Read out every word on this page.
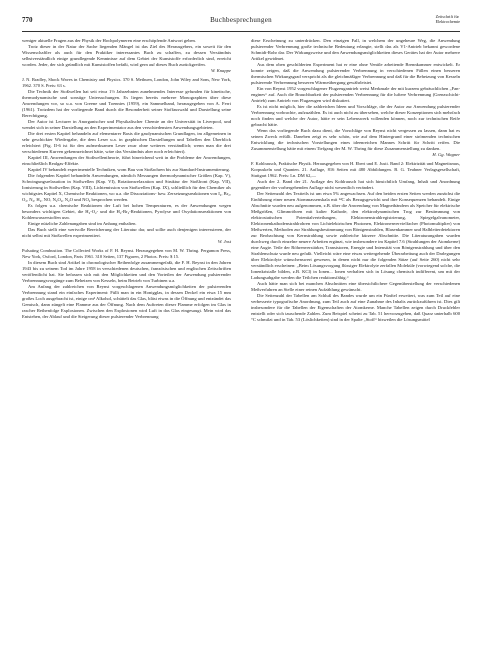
770	Buchbesprechungen	Zeitschrift für
Elektrochemie

weniger aktuelle Fragen aus der Physik der Hochpolymeren eine erschöpfende Antwort geben.

Trotz dieser in der Natur der Sache liegenden Mängel ist das Ziel des Herausgebers, ein soweit für den Wissenschaftler als auch für den Praktiker interessantes Buch zu schaffen, zu dessen Verständnis selbstverständlich einige grundlegende Kenntnisse auf dem Gebiet der Kunststoffe erforderlich sind, erreicht worden. Jeder, der sich gründlich mit Kunststoffen befaßt, wird gern auf dieses Buch zurückgreifen.

W. Knappe

J. N. Bradley, Shock Waves in Chemistry and Physics. 370 S. Methuen, London, John Wiley and Sons, New York, 1962. 370 S. Preis: 63 s.

Die Technik der Stoßwellen hat seit etwa 1½ Jahrzehnten zunehmendes Interesse gefunden für kinetische, thermodynamische und sonstige Untersuchungen. Es liegen bereits mehrere Monographien über diese Anwendungen vor, so u.a. von Greene und Toennies (1959), ein Sammelband, herausgegeben von A. Ferri (1961). Trotzdem hat der vorliegende Band durch die Besonderheit seiner Stoffauswahl und Darstellung seine Berechtigung.

Der Autor ist Lecturer in Anorganischer und Physikalischer Chemie an der Universität in Liverpool, und wendet sich in seiner Darstellung an den Experimentator aus den verschiedensten Anwendungsgebieten.

Die drei ersten Kapitel behandeln auf elementarer Basis die gasdynamischen Grundlagen, im allgemeinen in sehr geschickter Wiedergabe, die dem Leser u.a. in graphischen Darstellungen und Tabellen den Überblick erleichtert (Fig. II-6 ist für den aufmerksamen Leser zwar ohne weiteres verständlich; wenn man die drei verschiedenen Kurven gekennzeichnet hätte, wäre das Verständnis aber noch erleichtert).

Kapitel III, Anwendungen der Stoßwellentheorie, führt hinreichend weit in die Probleme der Anwendungen, einschließlich Realgas-Effekte.

Kapitel IV behandelt experimentelle Techniken, wom Bau von Stoßrohren bis zur Standard-Instrumentierung.

Die folgenden Kapitel behandeln Anwendungen, nämlich Messungen thermodynamischer Größen (Kap. V), Schwingungsrelaxation in Stoßwellen (Kap. VI), Rotationsrelaxation und Struktur der Stoßfront (Kap. VII), Ionisierung in Stoßwellen (Kap. VIII), Lichtemission von Stoßwellen (Kap. IX), schließlich für den Chemiker als wichtigstes Kapitel X, Chemische Reaktionen, wo u.a. die Dissoziations- bzw. Zersetzungsreaktionen von I₂, Br₂, O₂, N₂, H₂, NO, N₂O₄, N₂O und NO₂ besprochen werden.

Es folgen u.a. chemische Reaktionen der Luft bei hohen Temperaturen, es der Anwendungen wegen besonders wichtigen Gebiet, die H₂-O₂- und die H₂-Br₂-Reaktionen, Pyrolyse und Oxydationsreaktionen von Kohlenwasserstoffen usw.

Einige nützliche Zahlenangaben sind im Anhang enthalten.

Das Buch stellt eine wertvolle Bereicherung der Literatur dar, und sollte auch denjenigen interessieren, der nicht selbst mit Stoßwellen experimentiert.

W. Jost

Pulsating Combustion. The Collected Works of F. H. Reynst. Herausgegeben von M. W. Thring. Pergamon Press, New York, Oxford, London, Paris 1961. 310 Seiten, 137 Figuren, 2 Photos. Preis: $ 15.

In diesem Buch sind Artikel in chronologischer Reihenfolge zusammengefaßt, die F. H. Reynst in den Jahren 1943 bis zu seinem Tod im Jahre 1958 in verschiedenen deutschen, französischen und englischen Zeitschriften veröffentlicht hat. Sie befassen sich mit den Möglichkeiten und den Vorteilen der Anwendung pulsierender Verbrennungsvorgänge zum Beheizen von Kesseln, beim Betrieb von Turbinen u.a.

Am Anfang der zahlreichen von Reynst vorgeschlagenen Anwendungsmöglichkeiten der pulsierenden Verbrennung stand ein einfaches Experiment: Füllt man in ein Honigglas, in dessen Deckel ein etwa 15 mm großes Loch ausgebracht ist, einige cm³ Alkohol, schüttelt das Glas, bläst etwas in die Öffnung und entzündet das Gemisch, dann züngelt eine Flamme aus der Öffnung. Nach dem Auftreten dieser Flamme erfolgen im Glas in rascher Reihenfolge Explosionen. Zwischen den Explosionen wird Luft in das Glas eingesaugt. Mein wird das Entstehen, der Ablauf und die Steigerung dieser pulsierender Verbrennung

diese Erscheinung zu unterdrücken. Den einzigen Fall, in welchem der ungeheure Weg, die Anwendung pulsierender Verbrennung große technische Bedeutung erlangte, stellt das als V1-Antrieb bekannt gewordene Schmidt-Rohr dar. Der Wirkungsweise und den Anwendungsmöglichkeiten dieses Gerätes hat der Autor mehrere Artikel gewidmet.

Aus dem oben geschilderten Experiment hat er eine ohne Ventile arbeitende Brennkammer entwickelt. Er konnte zeigen, daß die Anwendung pulsierender Verbrennung in verschiedenen Fällen einen besseren thermischen Wirkungsgrad verspricht als die gleichmäßiger Verbrennung und daß für die Beheizung von Kesseln pulsierende Verbrennung besseren Wärmeübergang gewährleistet.

Ein von Reynst 1952 vorgeschlagener Flugzeugantrieb weist Merkmale der mit kurzem gebräuchlichen „Fan-engines“ auf. Auch die Brauchbarkeit der pulsierenden Verbrennung für die luftere Verbrennung (Grenzschicht-Antrieb) zum Antrieb von Flugzeugen wird diskutiert.

Es ist nicht möglich, hier die zahlreichen Ideen und Vorschläge, die der Autor zur Anwendung pulsierender Verbrennung vorbrachte, aufzuzählen. Es ist auch nicht zu übersehen, welche dieser Konzeptionen sich mehrfach noch finden und welche der Autor, hätte er sein Lebenswerk vollenden können, noch zur technischen Reife gebracht hätte.

Wenn das vorliegende Buch dazu dient, die Vorschläge von Reynst nicht vergessen zu lassen, dann hat es seinen Zweck erfüllt. Daneben zeigt es sehr schön, wie auf dem Hintergrund einer strömenden technischen Entwicklung die technischen Vorstellungen eines ideenreichen Mannes Schritt für Schritt reifen. Die Zusammenstellung hätte mit einem Tiefgang der M. W. Thring für diese Zusammenstellung zu danken.

H. Gg. Wagner

F. Kohlrausch, Praktische Physik. Herausgegeben von H. Ebert und E. Justi. Band 2: Elektrizität und Magnetismus, Korpuskeln und Quanten. 21. Auflage, 816 Seiten mit 480 Abbildungen. B. G. Teubner Verlagsgesellschaft, Stuttgart 1962. Preis: Ln. DM 62,—

Auch der 2. Band der 21. Auflage des Kohlrausch hat sich hinsichtlich Umfang, Inhalt und Anordnung gegenüber der vorhergehenden Auflage nicht wesentlich verändert.

Der Seitenzahl des Textteils ist um etwa 5% angewachsen. Auf den beiden ersten Seiten werden zunächst die Einführung einer neuen Atommassenskala mit ¹²C als Bezugsgewicht und ihre Konsequenzen behandelt. Einige Abschnitte wurden neu aufgenommen, z.B. über die Anwendung von Magnetbändern als Speicher für elektrische Meßgrößen, Glimmröhren mit kalter Kathode, den elektrodynamischen Trog zur Bestimmung von elektrostatischen Potentialverteilungen, Elektronenstrahlregistrierung, Spiegelgalvanometer, Elektronenkathodenstrahlrohren von Lichtelektrischen Photonen, Elektronenvervielfacher (Photomultiplier) von Meßwerten, Methoden zur Strahlungsbestimmung von Röntgenstrahlen, Blasenkammer und Halbleiterdetektoren zur Beobachtung von Kernstrahlung sowie zahlreiche kürzere Abschnitte. Die Literaturangaben wurden durchweg durch einzelne neuere Arbeiten ergänzt, wie insbesondere im Kapitel 7.6 (Strahlungen der Atomkerne) eine Augie. Teile der Röhrenverstärker, Transistoren, Energie und Intensität von Röntgenstrahlung und über den Strahlenschutz wurde neu gefaßt. Vielleicht wäre eine etwas weitergehende Überarbeitung auch der Darlegungen über Elektrolyte wünschenswert gewesen, in denen nicht nur die folgenden Sätze (auf Seite 260) nicht sehr verständlich erscheinen: „Beim Lösungsvorgang flüssiger Elektrolyte zerfallen Moleküle (vorwiegend solche, die Ionenkristalle bilden, z.B. KCl) in Ionen... Ionen verhalten sich in Lösung chemisch indifferent, um mit der Ladungsabgabe werden die Teilchen reaktionsfähig.“

Auch hätte man sich bei manchen Abschnitten eine übersichtlichere Gegenüberstellung der verschiedenen Meßverfahren an Stelle einer reinen Aufzählung gewünscht.

Die Seitenzahl der Tabellen am Schluß des Bandes wurde um ein Fünftel erweitert, was zum Teil auf eine verbesserte typografische Anordnung, zum Teil auch auf eine Zunahme des Inhalts zurückzuführen ist. Dies gilt insbesondere für die Tabellen der Eigenschaften der Atomkerne. Manche Tabellen zeigen durch Druckfehler entstellt oder sich tauschende Zahlen. Zum Beispiel scheint zu Tab. 51 hervorzugehen, daß Quarz unterhalb 600 °C schmilzt und in Tab. 53 (Löslichkeiten) sind in der Spalte „Stoff“ bisweilen die Lösungsmittel
